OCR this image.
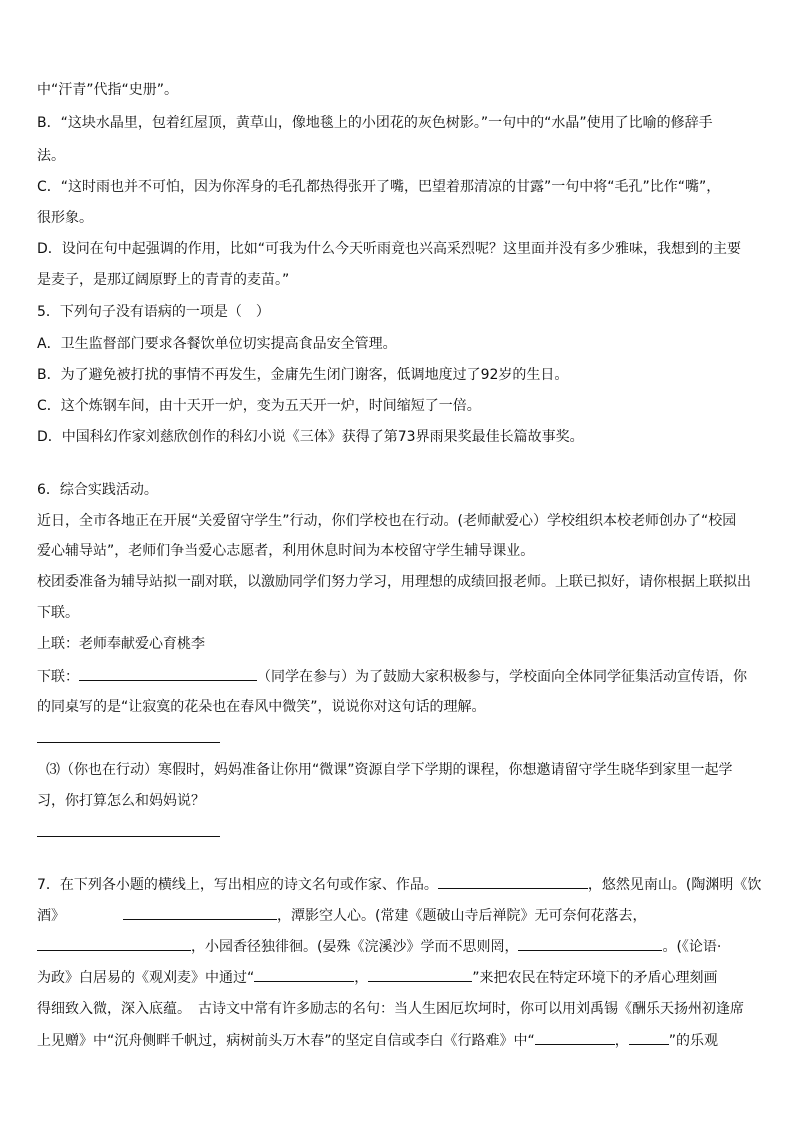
中“汗青”代指“史册”。
B．“这块水晶里，包着红屋顶，黄草山，像地毯上的小团花的灰色树影。”一句中的“水晶”使用了比喻的修辞手
法。
C．“这时雨也并不可怕，因为你浑身的毛孔都热得张开了嘴，巴望着那清凉的甘露”一句中将“毛孔”比作“嘴”，
很形象。
D．设问在句中起强调的作用，比如“可我为什么今天听雨竟也兴高采烈呢？这里面并没有多少雅味，我想到的主要
是麦子，是那辽阔原野上的青青的麦苗。”
5．下列句子没有语病的一项是（　）
A．卫生监督部门要求各餐饮单位切实提高食品安全管理。
B．为了避免被打扰的事情不再发生，金庸先生闭门谢客，低调地度过了92岁的生日。
C．这个炼钢车间，由十天开一炉，变为五天开一炉，时间缩短了一倍。
D．中国科幻作家刘慈欣创作的科幻小说《三体》获得了第73界雨果奖最佳长篇故事奖。
6．综合实践活动。
近日，全市各地正在开展“关爱留守学生”行动，你们学校也在行动。(老师献爱心）学校组织本校老师创办了“校园
爱心辅导站”，老师们争当爱心志愿者，利用休息时间为本校留守学生辅导课业。
校团委准备为辅导站拟一副对联，以激励同学们努力学习，用理想的成绩回报老师。上联已拟好，请你根据上联拟出
下联。
上联：老师奉献爱心育桃李
下联：	（同学在参与）为了鼓励大家积极参与，学校面向全体同学征集活动宣传语，你
的同桌写的是“让寂寞的花朵也在春风中微笑”，说说你对这句话的理解。
⑶（你也在行动）寒假时，妈妈准备让你用“微课”资源自学下学期的课程，你想邀请留守学生晓华到家里一起学
习，你打算怎么和妈妈说？
7．在下列各小题的横线上，写出相应的诗文名句或作家、作品。	，悠然见南山。(陶渊明《饮
酒》	，潭影空人心。(常建《题破山寺后禅院》无可奈何花落去，
，小园香径独徘徊。(晏殊《浣溪沙》学而不思则罔，	。(《论语·
为政》白居易的《观刈麦》中通过“	，	”来把农民在特定环境下的矛盾心理刻画
得细致入微，深入底蕴。　古诗文中常有许多励志的名句：当人生困厄坎坷时，你可以用刘禹锡《酬乐天扬州初逢席
上见赠》中“沉舟侧畔千帆过，病树前头万木春”的坚定自信或李白《行路难》中“	，	”的乐观
